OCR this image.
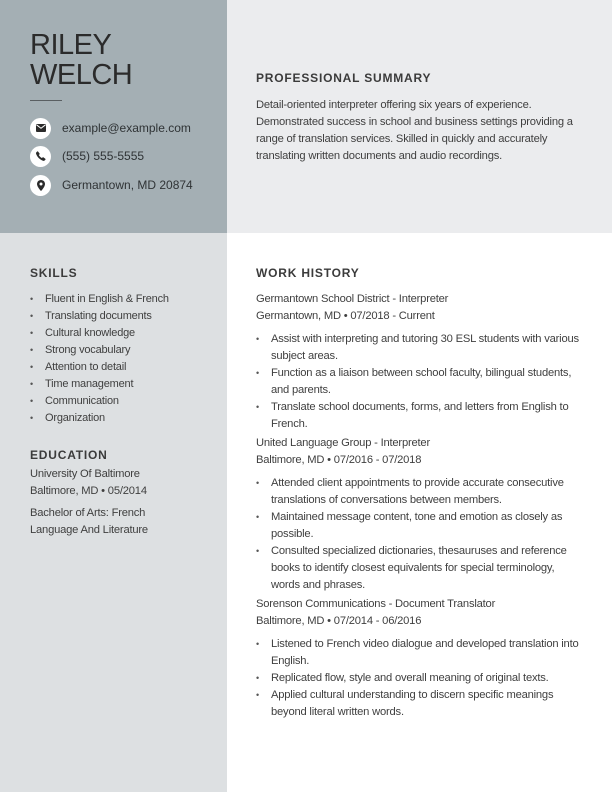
RILEY
WELCH
example@example.com
(555) 555-5555
Germantown, MD 20874
PROFESSIONAL SUMMARY

Detail-oriented interpreter offering six years of experience. Demonstrated success in school and business settings providing a range of translation services. Skilled in quickly and accurately translating written documents and audio recordings.

SKILLS
• Fluent in English & French
• Translating documents
• Cultural knowledge
• Strong vocabulary
• Attention to detail
• Time management
• Communication
• Organization
EDUCATION
University Of Baltimore
Baltimore, MD • 05/2014
Bachelor of Arts: French Language And Literature
WORK HISTORY
Germantown School District - Interpreter
Germantown, MD • 07/2018 - Current
• Assist with interpreting and tutoring 30 ESL students with various subject areas.
• Function as a liaison between school faculty, bilingual students, and parents.
• Translate school documents, forms, and letters from English to French.
United Language Group - Interpreter
Baltimore, MD • 07/2016 - 07/2018
• Attended client appointments to provide accurate consecutive translations of conversations between members.
• Maintained message content, tone and emotion as closely as possible.
• Consulted specialized dictionaries, thesauruses and reference books to identify closest equivalents for special terminology, words and phrases.
Sorenson Communications - Document Translator
Baltimore, MD • 07/2014 - 06/2016
• Listened to French video dialogue and developed translation into English.
• Replicated flow, style and overall meaning of original texts.
• Applied cultural understanding to discern specific meanings beyond literal written words.
